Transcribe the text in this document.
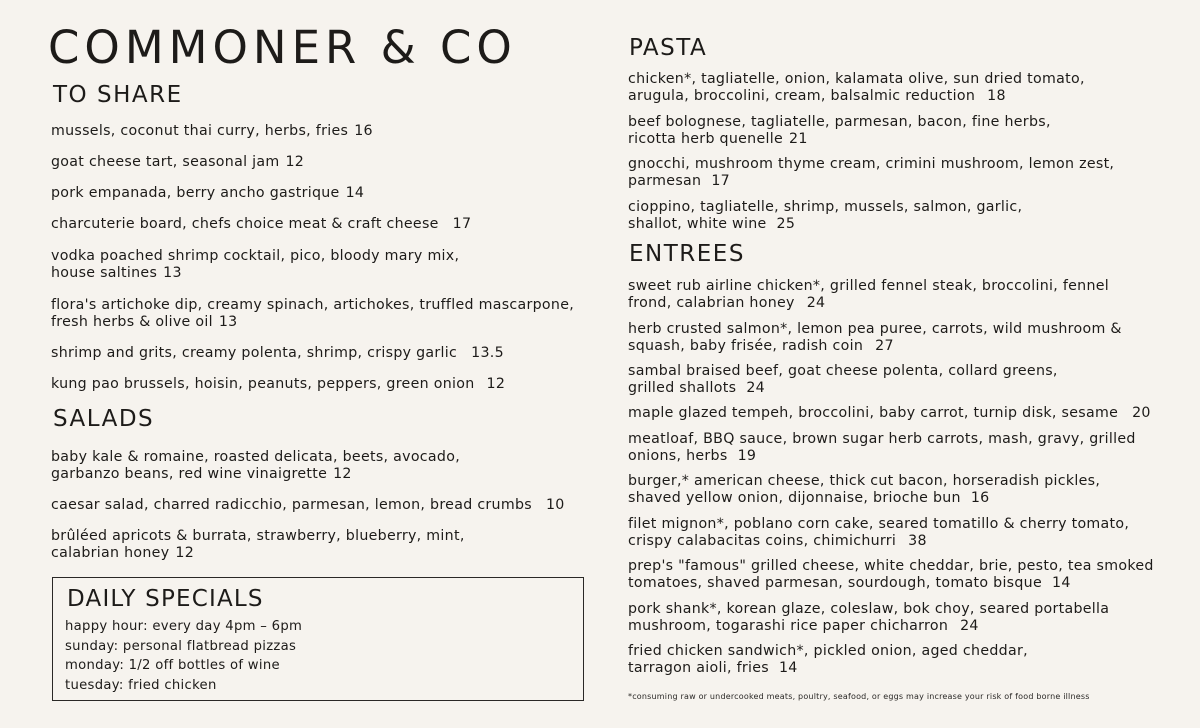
COMMONER & CO
TO SHARE
mussels, coconut thai curry, herbs, fries 16
goat cheese tart, seasonal jam 12
pork empanada, berry ancho gastrique 14
charcuterie board, chefs choice meat & craft cheese 17
vodka poached shrimp cocktail, pico, bloody mary mix,
house saltines 13
flora's artichoke dip, creamy spinach, artichokes, truffled mascarpone,
fresh herbs & olive oil 13
shrimp and grits, creamy polenta, shrimp, crispy garlic 13.5
kung pao brussels, hoisin, peanuts, peppers, green onion 12
SALADS
baby kale & romaine, roasted delicata, beets, avocado,
garbanzo beans, red wine vinaigrette 12
caesar salad, charred radicchio, parmesan, lemon, bread crumbs 10
brûléed apricots & burrata, strawberry, blueberry, mint,
calabrian honey 12
DAILY SPECIALS
happy hour: every day 4pm – 6pm
sunday: personal flatbread pizzas
monday: 1/2 off bottles of wine
tuesday: fried chicken
PASTA
chicken*, tagliatelle, onion, kalamata olive, sun dried tomato,
arugula, broccolini, cream, balsalmic reduction 18
beef bolognese, tagliatelle, parmesan, bacon, fine herbs,
ricotta herb quenelle 21
gnocchi, mushroom thyme cream, crimini mushroom, lemon zest,
parmesan 17
cioppino, tagliatelle, shrimp, mussels, salmon, garlic,
shallot, white wine 25
ENTREES
sweet rub airline chicken*, grilled fennel steak, broccolini, fennel
frond, calabrian honey 24
herb crusted salmon*, lemon pea puree, carrots, wild mushroom &
squash, baby frisée, radish coin 27
sambal braised beef, goat cheese polenta, collard greens,
grilled shallots 24
maple glazed tempeh, broccolini, baby carrot, turnip disk, sesame 20
meatloaf, BBQ sauce, brown sugar herb carrots, mash, gravy, grilled
onions, herbs 19
burger,* american cheese, thick cut bacon, horseradish pickles,
shaved yellow onion, dijonnaise, brioche bun 16
filet mignon*, poblano corn cake, seared tomatillo & cherry tomato,
crispy calabacitas coins, chimichurri 38
prep's "famous" grilled cheese, white cheddar, brie, pesto, tea smoked
tomatoes, shaved parmesan, sourdough, tomato bisque 14
pork shank*, korean glaze, coleslaw, bok choy, seared portabella
mushroom, togarashi rice paper chicharron 24
fried chicken sandwich*, pickled onion, aged cheddar,
tarragon aioli, fries 14
*consuming raw or undercooked meats, poultry, seafood, or eggs may increase your risk of food borne illness
